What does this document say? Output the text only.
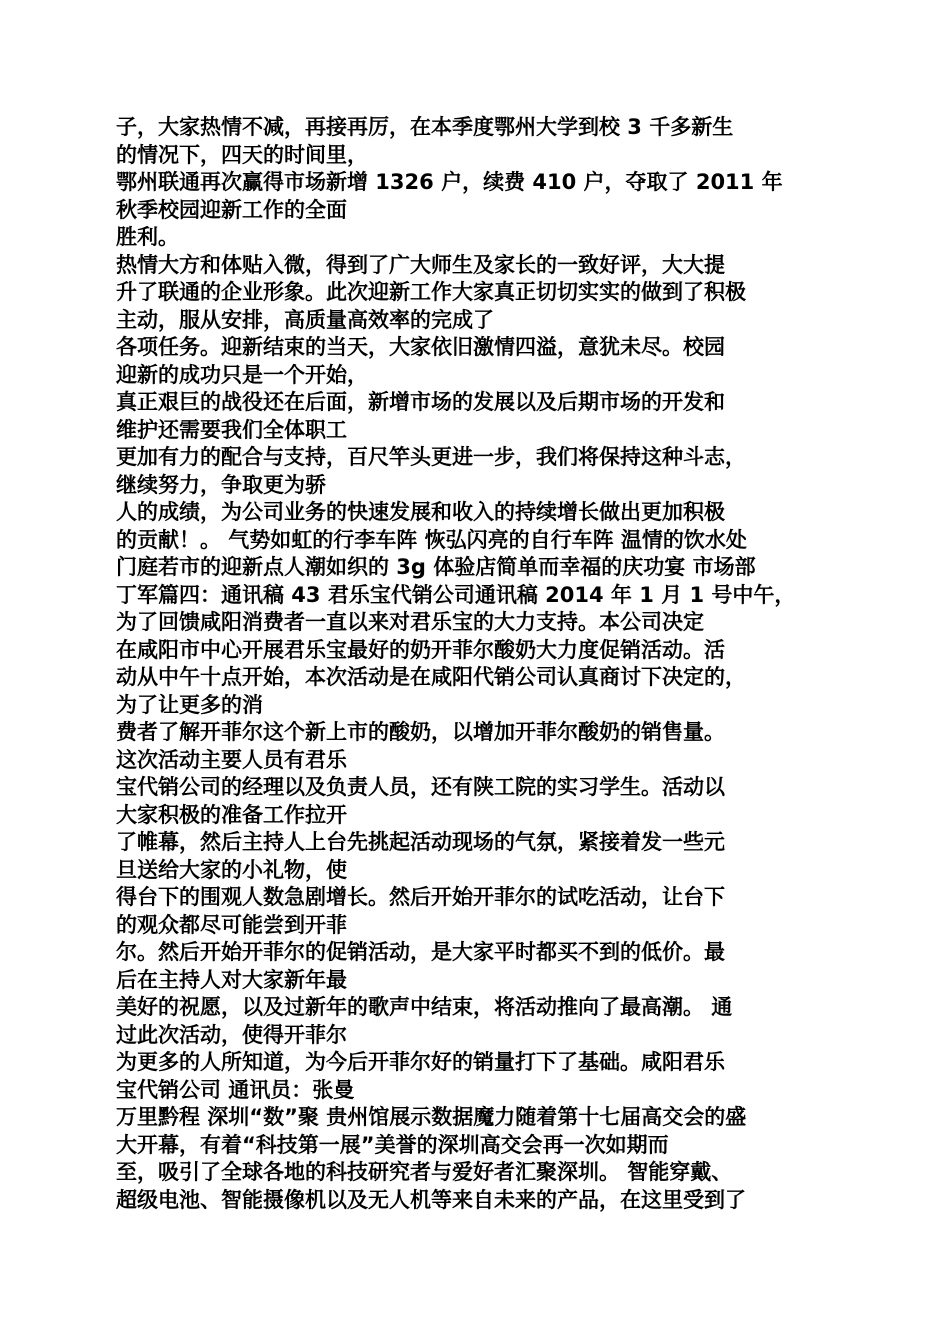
子，大家热情不减，再接再厉，在本季度鄂州大学到校 3 千多新生
的情况下，四天的时间里，
鄂州联通再次赢得市场新增 1326 户，续费 410 户，夺取了 2011 年
秋季校园迎新工作的全面
胜利。
热情大方和体贴入微，得到了广大师生及家长的一致好评，大大提
升了联通的企业形象。此次迎新工作大家真正切切实实的做到了积极
主动，服从安排，高质量高效率的完成了
各项任务。迎新结束的当天，大家依旧激情四溢，意犹未尽。校园
迎新的成功只是一个开始，
真正艰巨的战役还在后面，新增市场的发展以及后期市场的开发和
维护还需要我们全体职工
更加有力的配合与支持，百尺竿头更进一步，我们将保持这种斗志，
继续努力，争取更为骄
人的成绩，为公司业务的快速发展和收入的持续增长做出更加积极
的贡献！。 气势如虹的行李车阵 恢弘闪亮的自行车阵 温情的饮水处
门庭若市的迎新点人潮如织的 3g 体验店简单而幸福的庆功宴 市场部
丁军篇四：通讯稿 43 君乐宝代销公司通讯稿 2014 年 1 月 1 号中午，
为了回馈咸阳消费者一直以来对君乐宝的大力支持。本公司决定
在咸阳市中心开展君乐宝最好的奶开菲尔酸奶大力度促销活动。活
动从中午十点开始，本次活动是在咸阳代销公司认真商讨下决定的，
为了让更多的消
费者了解开菲尔这个新上市的酸奶，以增加开菲尔酸奶的销售量。
这次活动主要人员有君乐
宝代销公司的经理以及负责人员，还有陕工院的实习学生。活动以
大家积极的准备工作拉开
了帷幕，然后主持人上台先挑起活动现场的气氛，紧接着发一些元
旦送给大家的小礼物，使
得台下的围观人数急剧增长。然后开始开菲尔的试吃活动，让台下
的观众都尽可能尝到开菲
尔。然后开始开菲尔的促销活动，是大家平时都买不到的低价。最
后在主持人对大家新年最
美好的祝愿，以及过新年的歌声中结束，将活动推向了最高潮。 通
过此次活动，使得开菲尔
为更多的人所知道，为今后开菲尔好的销量打下了基础。咸阳君乐
宝代销公司 通讯员：张曼
万里黔程 深圳“数”聚 贵州馆展示数据魔力随着第十七届高交会的盛
大开幕，有着“科技第一展”美誉的深圳高交会再一次如期而
至，吸引了全球各地的科技研究者与爱好者汇聚深圳。 智能穿戴、
超级电池、智能摄像机以及无人机等来自未来的产品，在这里受到了
